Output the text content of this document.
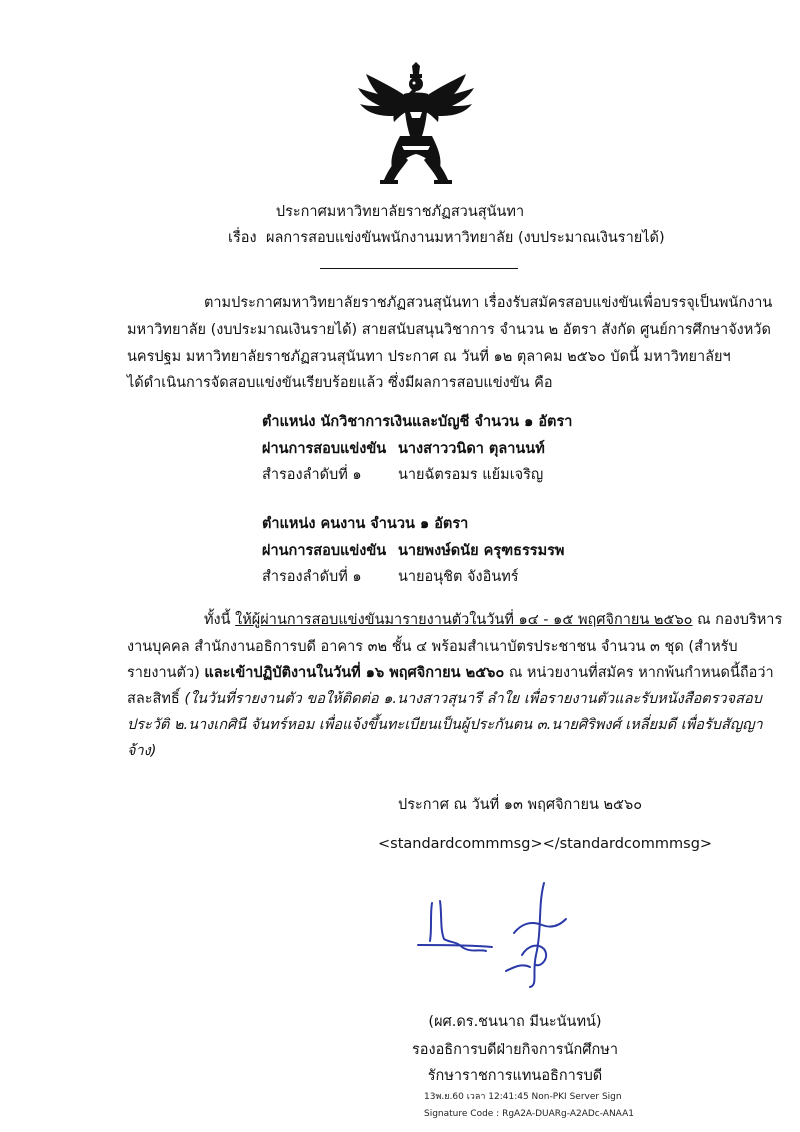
ประกาศมหาวิทยาลัยราชภัฏสวนสุนันทา
เรื่อง ผลการสอบแข่งขันพนักงานมหาวิทยาลัย (งบประมาณเงินรายได้)
ตามประกาศมหาวิทยาลัยราชภัฏสวนสุนันทา เรื่องรับสมัครสอบแข่งขันเพื่อบรรจุเป็นพนักงาน
มหาวิทยาลัย (งบประมาณเงินรายได้) สายสนับสนุนวิชาการ จำนวน ๒ อัตรา สังกัด ศูนย์การศึกษาจังหวัด
นครปฐม มหาวิทยาลัยราชภัฏสวนสุนันทา ประกาศ ณ วันที่ ๑๒ ตุลาคม ๒๕๖๐ บัดนี้ มหาวิทยาลัยฯ
ได้ดำเนินการจัดสอบแข่งขันเรียบร้อยแล้ว ซึ่งมีผลการสอบแข่งขัน คือ
ตำแหน่ง นักวิชาการเงินและบัญชี จำนวน ๑ อัตรา
ผ่านการสอบแข่งขัน นางสาววนิดา ตุลานนท์
สำรองลำดับที่ ๑	นายฉัตรอมร แย้มเจริญ
ตำแหน่ง คนงาน จำนวน ๑ อัตรา
ผ่านการสอบแข่งขัน นายพงษ์ดนัย ครุฑธรรมรพ
สำรองลำดับที่ ๑	นายอนุชิต จังอินทร์
ทั้งนี้ ให้ผู้ผ่านการสอบแข่งขันมารายงานตัวในวันที่ ๑๔ - ๑๕ พฤศจิกายน ๒๕๖๐ ณ กองบริหาร
งานบุคคล สำนักงานอธิการบดี อาคาร ๓๒ ชั้น ๔ พร้อมสำเนาบัตรประชาชน จำนวน ๓ ชุด (สำหรับ
รายงานตัว) และเข้าปฏิบัติงานในวันที่ ๑๖ พฤศจิกายน ๒๕๖๐ ณ หน่วยงานที่สมัคร หากพ้นกำหนดนี้ถือว่า
สละสิทธิ์ (ในวันที่รายงานตัว ขอให้ติดต่อ ๑.นางสาวสุนารี ลำใย เพื่อรายงานตัวและรับหนังสือตรวจสอบ
ประวัติ ๒.นางเกศินี จันทร์หอม เพื่อแจ้งขึ้นทะเบียนเป็นผู้ประกันตน ๓.นายศิริพงศ์ เหลี่ยมดี เพื่อรับสัญญา
จ้าง)
ประกาศ ณ วันที่ ๑๓ พฤศจิกายน ๒๕๖๐
<standardcommmsg></standardcommmsg>
(ผศ.ดร.ชนนาถ มีนะนันทน์)
รองอธิการบดีฝ่ายกิจการนักศึกษา
รักษาราชการแทนอธิการบดี
13พ.ย.60 เวลา 12:41:45 Non-PKI Server Sign
Signature Code : RgA2A-DUARg-A2ADc-ANAA1
